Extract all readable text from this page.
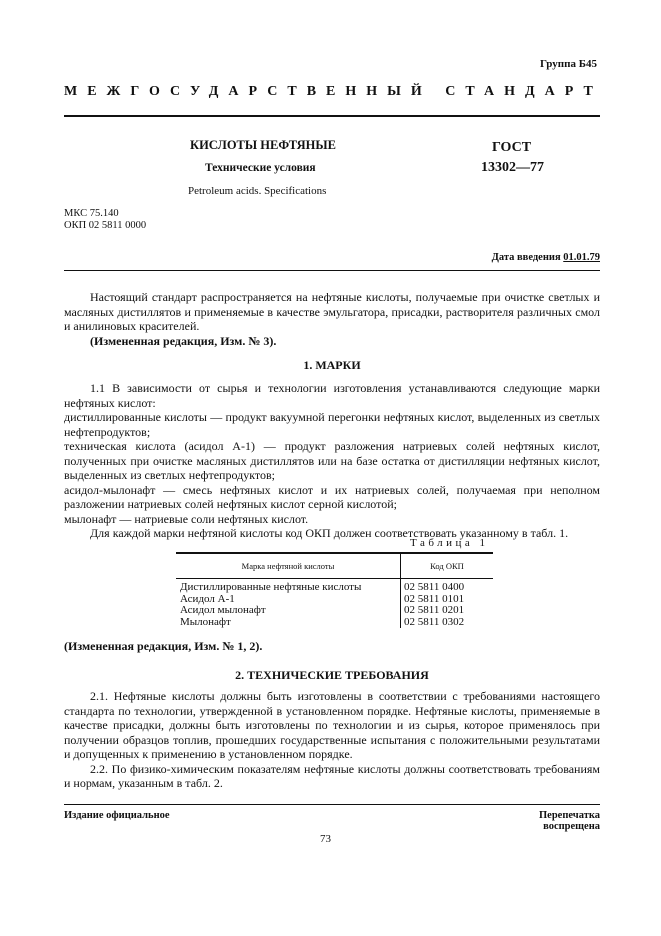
Группа Б45
МЕЖГОСУДАРСТВЕННЫЙ СТАНДАРТ
КИСЛОТЫ НЕФТЯНЫЕ
Технические условия
Petroleum acids. Specifications
ГОСТ
13302—77
МКС 75.140
ОКП 02 5811 0000
Дата введения 01.01.79

Настоящий стандарт распространяется на нефтяные кислоты, получаемые при очистке светлых и масляных дистиллятов и применяемые в качестве эмульгатора, присадки, растворителя различных смол и анилиновых красителей.

(Измененная редакция, Изм. № 3).

1. МАРКИ

1.1 В зависимости от сырья и технологии изготовления устанавливаются следующие марки нефтяных кислот:

дистиллированные кислоты — продукт вакуумной перегонки нефтяных кислот, выделенных из светлых нефтепродуктов;

техническая кислота (асидол А-1) — продукт разложения натриевых солей нефтяных кислот, полученных при очистке масляных дистиллятов или на базе остатка от дистилляции нефтяных кислот, выделенных из светлых нефтепродуктов;

асидол-мылонафт — смесь нефтяных кислот и их натриевых солей, получаемая при неполном разложении натриевых солей нефтяных кислот серной кислотой;

мылонафт — натриевые соли нефтяных кислот.

Для каждой марки нефтяной кислоты код ОКП должен соответствовать указанному в табл. 1.

Таблица 1
Марка нефтяной кислоты	Код ОКП
Дистиллированные нефтяные кислоты	02 5811 0400
Асидол А-1	02 5811 0101
Асидол мылонафт	02 5811 0201
Мылонафт	02 5811 0302
(Измененная редакция, Изм. № 1, 2).
2. ТЕХНИЧЕСКИЕ ТРЕБОВАНИЯ

2.1. Нефтяные кислоты должны быть изготовлены в соответствии с требованиями настоящего стандарта по технологии, утвержденной в установленном порядке. Нефтяные кислоты, применяемые в качестве присадки, должны быть изготовлены по технологии и из сырья, которое применялось при получении образцов топлив, прошедших государственные испытания с положительными результатами и допущенных к применению в установленном порядке.

2.2. По физико-химическим показателям нефтяные кислоты должны соответствовать требованиям и нормам, указанным в табл. 2.

Издание официальное	Перепечатка воспрещена
73
